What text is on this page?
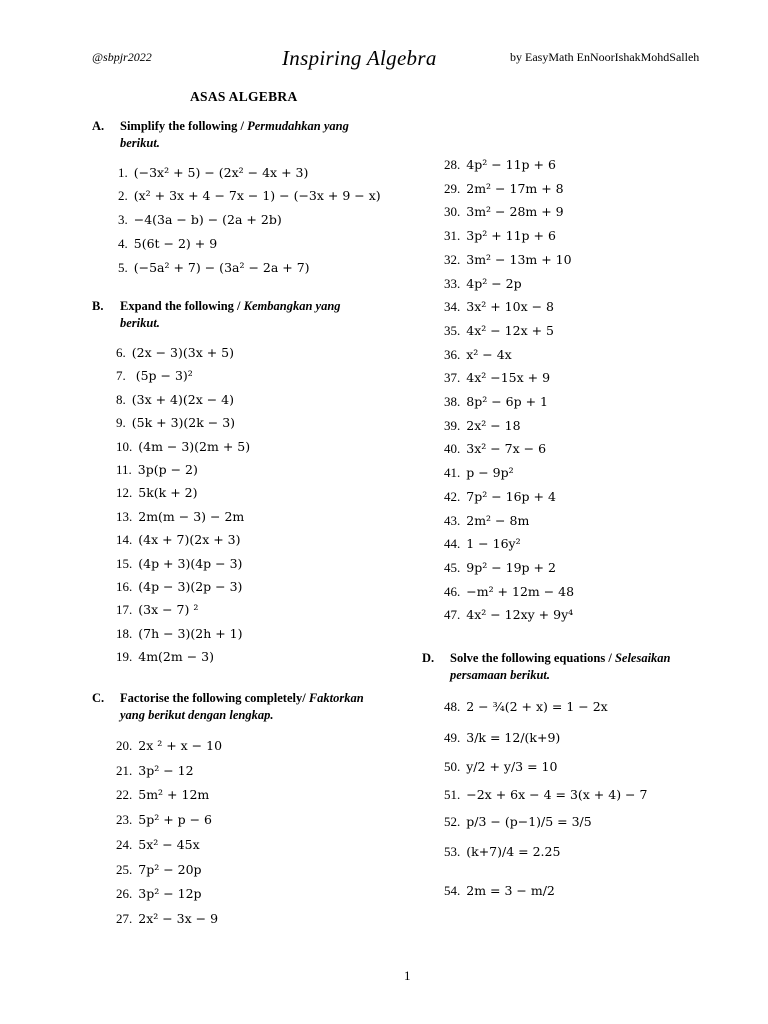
@sbpjr2022	Inspiring Algebra	by EasyMath EnNoorIshakMohdSalleh
ASAS ALGEBRA
A. Simplify the following / Permudahkan yang
berikut.
1. (−3x² + 5) − (2x² − 4x + 3)
2. (x² + 3x + 4 − 7x − 1) − (−3x + 9 − x)
3. −4(3a − b) − (2a + 2b)
4. 5(6t − 2) + 9
5. (−5a² + 7) − (3a² − 2a + 7)
B. Expand the following / Kembangkan yang
berikut.
6. (2x − 3)(3x + 5)
7. (5p − 3)²
8. (3x + 4)(2x − 4)
9. (5k + 3)(2k − 3)
10. (4m − 3)(2m + 5)
11. 3p(p − 2)
12. 5k(k + 2)
13. 2m(m − 3) − 2m
14. (4x + 7)(2x + 3)
15. (4p + 3)(4p − 3)
16. (4p − 3)(2p − 3)
17. (3x − 7) ²
18. (7h − 3)(2h + 1)
19. 4m(2m − 3)
C. Factorise the following completely/ Faktorkan
yang berikut dengan lengkap.
20. 2x ² + x − 10
21. 3p² − 12
22. 5m² + 12m
23. 5p² + p − 6
24. 5x² − 45x
25. 7p² − 20p
26. 3p² − 12p
27. 2x² − 3x − 9
28. 4p² − 11p + 6
29. 2m² − 17m + 8
30. 3m² − 28m + 9
31. 3p² + 11p + 6
32. 3m² − 13m + 10
33. 4p² − 2p
34. 3x² + 10x − 8
35. 4x² − 12x + 5
36. x² − 4x
37. 4x² −15x + 9
38. 8p² − 6p + 1
39. 2x² − 18
40. 3x² − 7x − 6
41. p − 9p²
42. 7p² − 16p + 4
43. 2m² − 8m
44. 1 − 16y²
45. 9p² − 19p + 2
46. −m² + 12m − 48
47. 4x² − 12xy + 9y⁴
D. Solve the following equations / Selesaikan
persamaan berikut.
48. 2 − ¾(2 + x) = 1 − 2x
49. 3/k = 12/(k+9)
50. y/2 + y/3 = 10
51. −2x + 6x − 4 = 3(x + 4) − 7
52. p/3 − (p−1)/5 = 3/5
53. (k+7)/4 = 2.25
54. 2m = 3 − m/2
1
